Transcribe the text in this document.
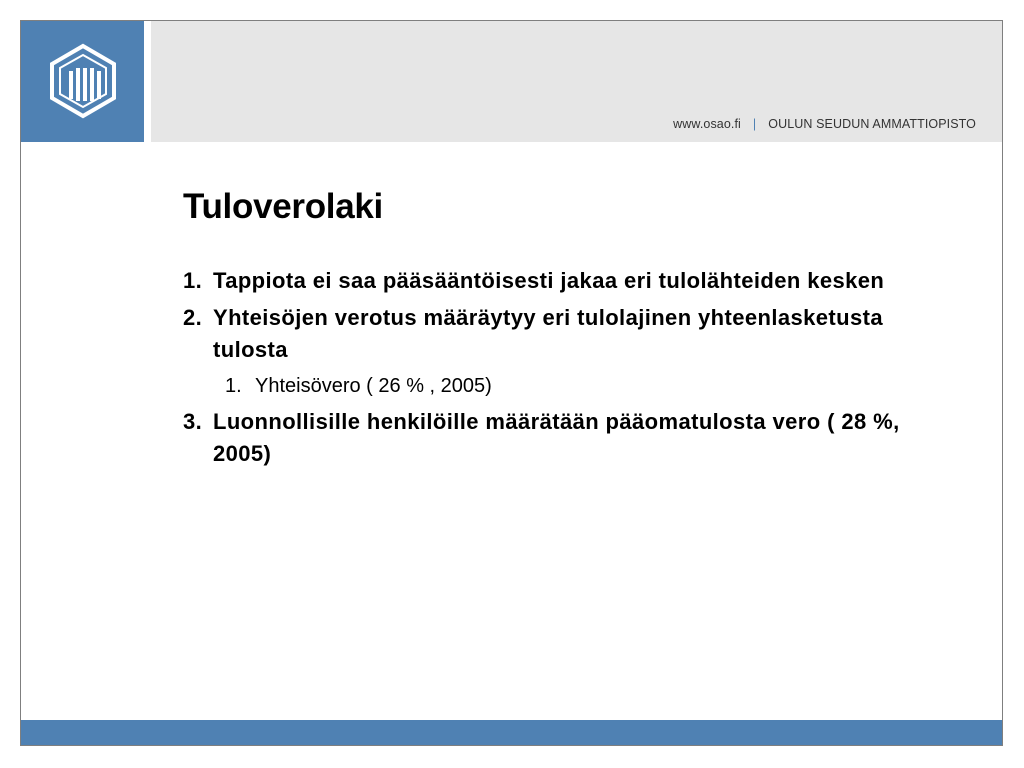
www.osao.fi | OULUN SEUDUN AMMATTIOPISTO
Tuloverolaki
1. Tappiota ei saa pääsääntöisesti jakaa eri tulolähteiden kesken
2. Yhteisöjen verotus määräytyy eri tulolajinen yhteenlasketusta tulosta
1. Yhteisövero ( 26 % , 2005)
3. Luonnollisille henkilöille määrätään pääomatulosta vero ( 28 %, 2005)
